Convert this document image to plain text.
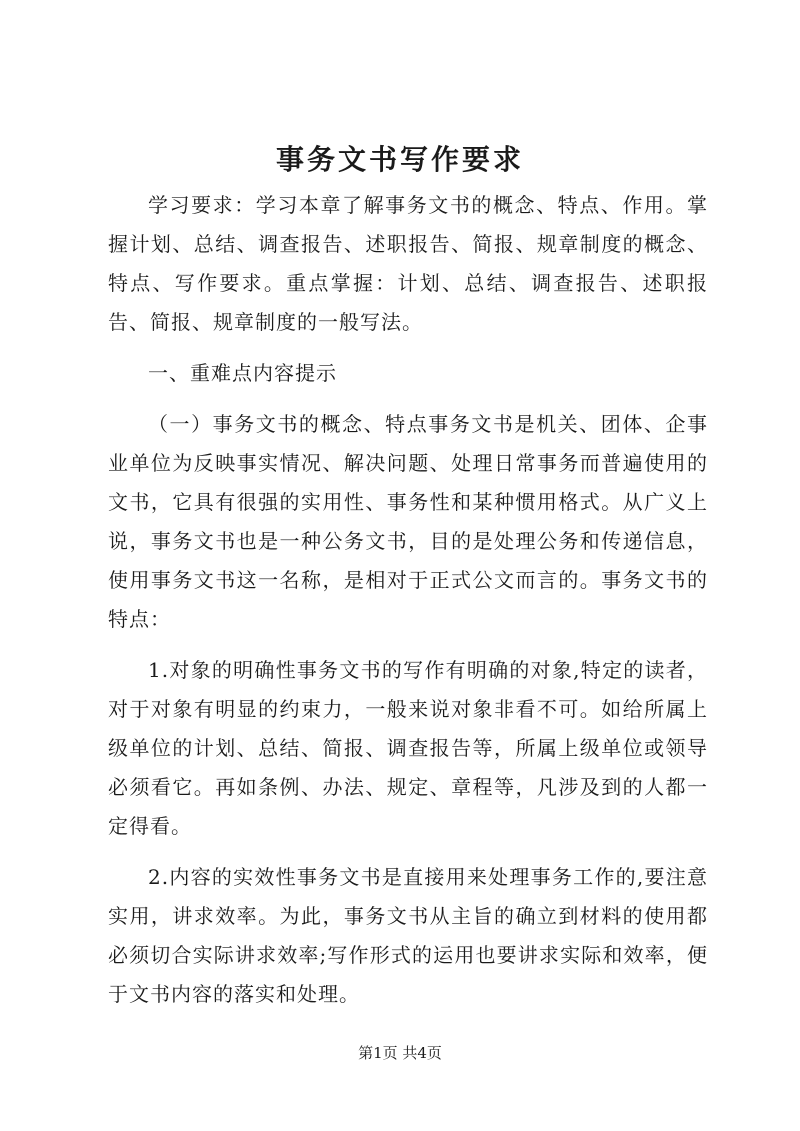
事务文书写作要求

学习要求：学习本章了解事务文书的概念、特点、作用。掌握计划、总结、调查报告、述职报告、简报、规章制度的概念、特点、写作要求。重点掌握：计划、总结、调查报告、述职报告、简报、规章制度的一般写法。

一、重难点内容提示

（一）事务文书的概念、特点事务文书是机关、团体、企事业单位为反映事实情况、解决问题、处理日常事务而普遍使用的文书，它具有很强的实用性、事务性和某种惯用格式。从广义上说，事务文书也是一种公务文书，目的是处理公务和传递信息，使用事务文书这一名称，是相对于正式公文而言的。事务文书的特点：

1.对象的明确性事务文书的写作有明确的对象,特定的读者，对于对象有明显的约束力，一般来说对象非看不可。如给所属上级单位的计划、总结、简报、调查报告等，所属上级单位或领导必须看它。再如条例、办法、规定、章程等，凡涉及到的人都一定得看。

2.内容的实效性事务文书是直接用来处理事务工作的,要注意实用，讲求效率。为此，事务文书从主旨的确立到材料的使用都必须切合实际讲求效率;写作形式的运用也要讲求实际和效率，便于文书内容的落实和处理。

第1页 共4页
